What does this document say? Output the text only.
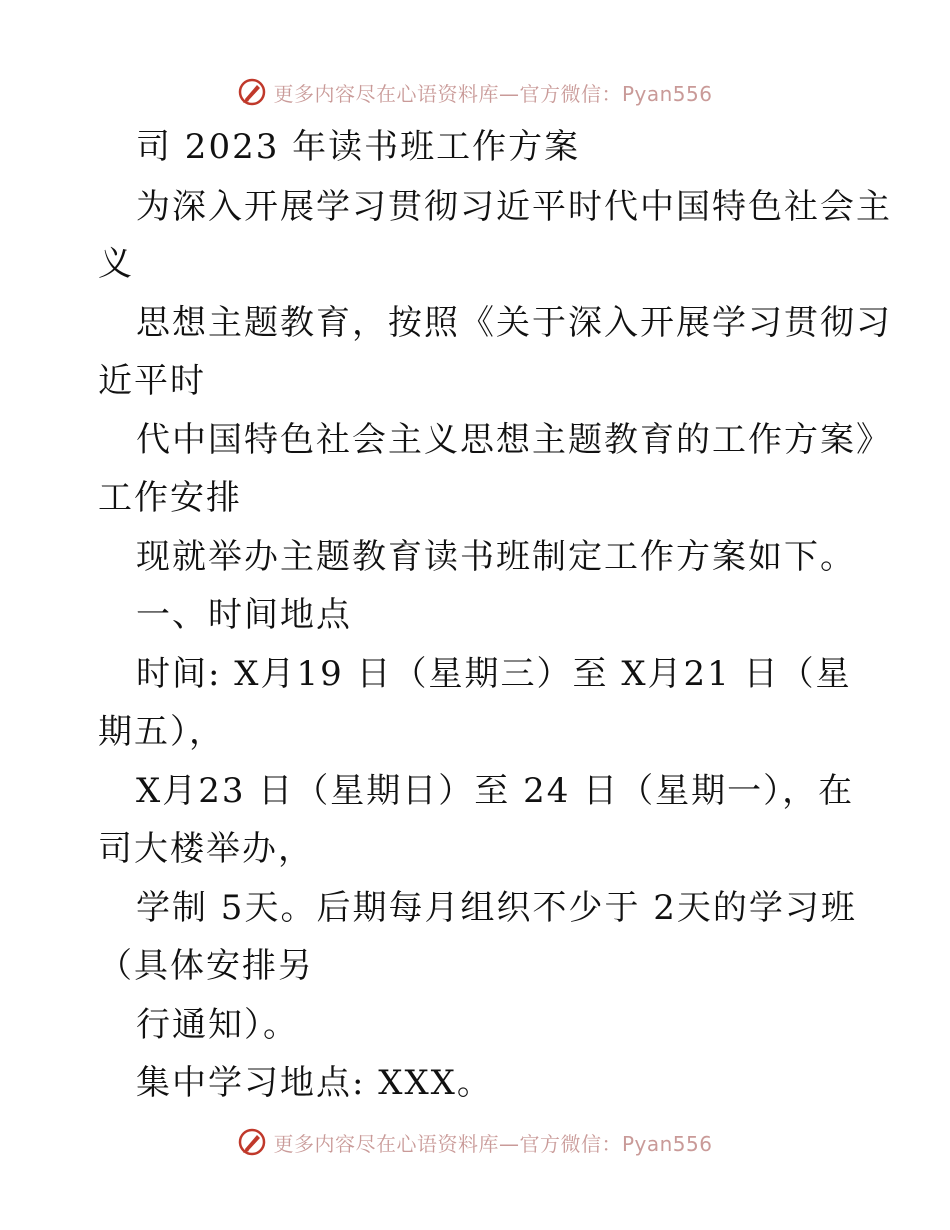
更多内容尽在心语资料库—官方微信：Pyan556
司 2023 年读书班工作方案
为深入开展学习贯彻习近平时代中国特色社会主
义
思想主题教育，按照《关于深入开展学习贯彻习
近平时
代中国特色社会主义思想主题教育的工作方案》
工作安排
现就举办主题教育读书班制定工作方案如下。
一、时间地点
时间: X月19 日（星期三）至 X月21 日（星
期五），
X月23 日（星期日）至 24 日（星期一），在
司大楼举办，
学制 5天。后期每月组织不少于 2天的学习班
（具体安排另
行通知）。
集中学习地点: XXX。
更多内容尽在心语资料库—官方微信：Pyan556
